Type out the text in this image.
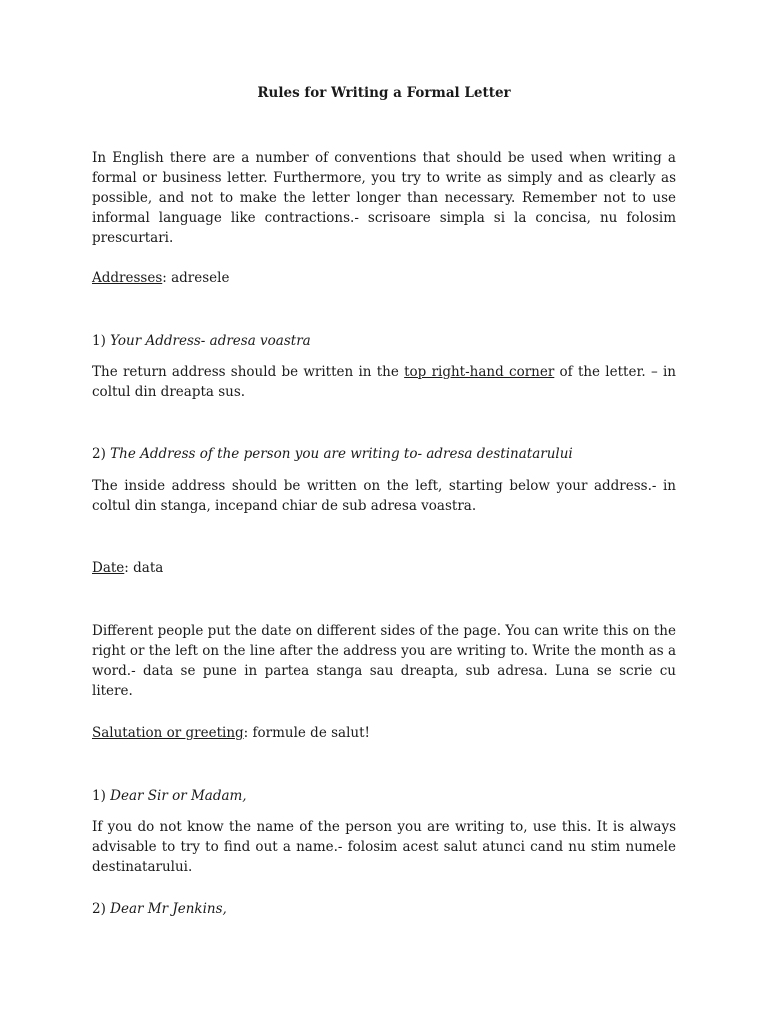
Rules for Writing a Formal Letter
In English there are a number of conventions that should be used when writing a formal or business letter. Furthermore, you try to write as simply and as clearly as possible, and not to make the letter longer than necessary. Remember not to use informal language like contractions.- scrisoare simpla si la concisa, nu folosim prescurtari.
Addresses: adresele
1) Your Address- adresa voastra
The return address should be written in the top right-hand corner of the letter. – in coltul din dreapta sus.
2) The Address of the person you are writing to- adresa destinatarului
The inside address should be written on the left, starting below your address.- in coltul din stanga, incepand chiar de sub adresa voastra.
Date: data
Different people put the date on different sides of the page. You can write this on the right or the left on the line after the address you are writing to. Write the month as a word.- data se pune in partea stanga sau dreapta, sub adresa. Luna se scrie cu litere.
Salutation or greeting: formule de salut!
1) Dear Sir or Madam,
If you do not know the name of the person you are writing to, use this. It is always advisable to try to find out a name.- folosim acest salut atunci cand nu stim numele destinatarului.
2) Dear Mr Jenkins,
